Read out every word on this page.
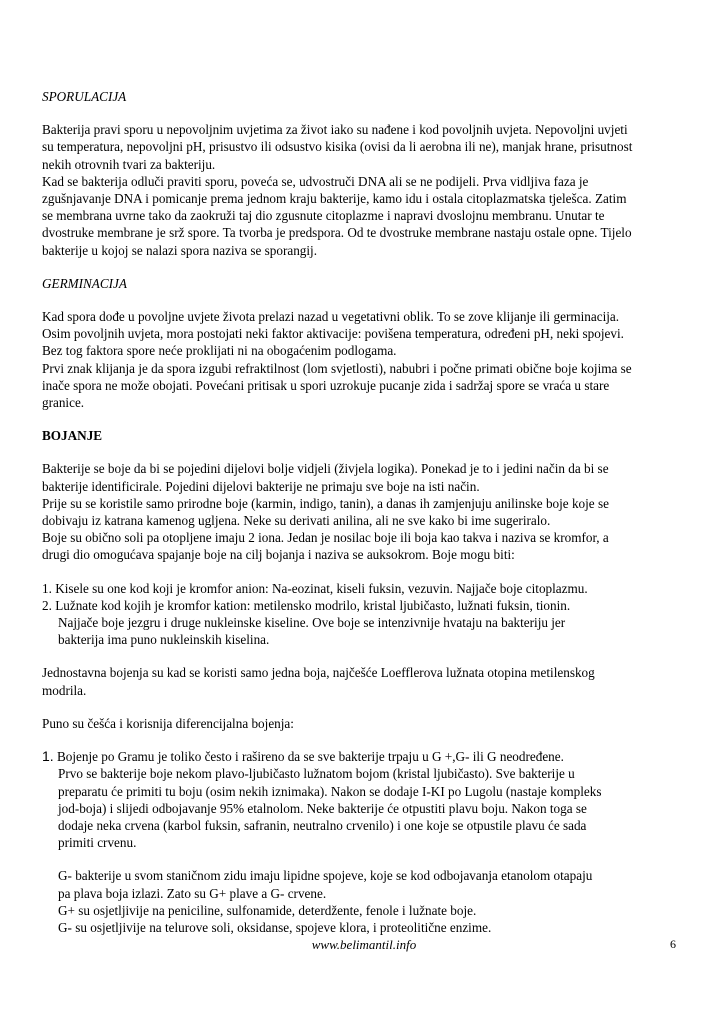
SPORULACIJA

Bakterija pravi sporu u nepovoljnim uvjetima za život iako su nađene i kod povoljnih uvjeta. Nepovoljni uvjeti
su temperatura, nepovoljni pH, prisustvo ili odsustvo kisika (ovisi da li aerobna ili ne), manjak hrane, prisutnost
nekih otrovnih tvari za bakteriju.
Kad se bakterija odluči praviti sporu, poveća se, udvostruči DNA ali se ne podijeli. Prva vidljiva faza je
zgušnjavanje DNA i pomicanje prema jednom kraju bakterije, kamo idu i ostala citoplazmatska tjelešca. Zatim
se membrana uvrne tako da zaokruži taj dio zgusnute citoplazme i napravi dvoslojnu membranu. Unutar te
dvostruke membrane je srž spore. Ta tvorba je predspora. Od te dvostruke membrane nastaju ostale opne. Tijelo
bakterije u kojoj se nalazi spora naziva se sporangij.

GERMINACIJA

Kad spora dođe u povoljne uvjete života prelazi nazad u vegetativni oblik. To se zove klijanje ili germinacija.
Osim povoljnih uvjeta, mora postojati neki faktor aktivacije: povišena temperatura, određeni pH, neki spojevi.
Bez tog faktora spore neće proklijati ni na obogaćenim podlogama.
Prvi znak klijanja je da spora izgubi refraktilnost (lom svjetlosti), nabubri i počne primati obične boje kojima se
inače spora ne može obojati. Povećani pritisak u spori uzrokuje pucanje zida i sadržaj spore se vraća u stare
granice.

BOJANJE

Bakterije se boje da bi se pojedini dijelovi bolje vidjeli (živjela logika). Ponekad je to i jedini način da bi se
bakterije identificirale. Pojedini dijelovi bakterije ne primaju sve boje na isti način.
Prije su se koristile samo prirodne boje (karmin, indigo, tanin), a danas ih zamjenjuju anilinske boje koje se
dobivaju iz katrana kamenog ugljena. Neke su derivati anilina, ali ne sve kako bi ime sugeriralo.
Boje su obično soli pa otopljene imaju 2 iona. Jedan je nosilac boje ili boja kao takva i naziva se kromfor, a
drugi dio omogućava spajanje boje na cilj bojanja i naziva se auksokrom. Boje mogu biti:

1. Kisele su one kod koji je kromfor anion: Na-eozinat, kiseli fuksin, vezuvin. Najjače boje citoplazmu.
2. Lužnate kod kojih je kromfor kation: metilensko modrilo, kristal ljubičasto, lužnati fuksin, tionin.
Najjače boje jezgru i druge nukleinske kiseline. Ove boje se intenzivnije hvataju na bakteriju jer
bakterija ima puno nukleinskih kiselina.

Jednostavna bojenja su kad se koristi samo jedna boja, najčešće Loefflerova lužnata otopina metilenskog
modrila.

Puno su češća i korisnija diferencijalna bojenja:

1. Bojenje po Gramu je toliko često i rašireno da se sve bakterije trpaju u G +,G- ili G neodređene.
Prvo se bakterije boje nekom plavo-ljubičasto lužnatom bojom (kristal ljubičasto). Sve bakterije u
preparatu će primiti tu boju (osim nekih iznimaka). Nakon se dodaje I-KI po Lugolu (nastaje kompleks
jod-boja) i slijedi odbojavanje 95% etalnolom. Neke bakterije će otpustiti plavu boju. Nakon toga se
dodaje neka crvena (karbol fuksin, safranin, neutralno crvenilo) i one koje se otpustile plavu će sada
primiti crvenu.

G- bakterije u svom staničnom zidu imaju lipidne spojeve, koje se kod odbojavanja etanolom otapaju
pa plava boja izlazi. Zato su G+ plave a G- crvene.
G+ su osjetljivije na peniciline, sulfonamide, deterdžente, fenole i lužnate boje.
G- su osjetljivije na telurove soli, oksidanse, spojeve klora, i proteolitične enzime.

www.belimantil.info	6
